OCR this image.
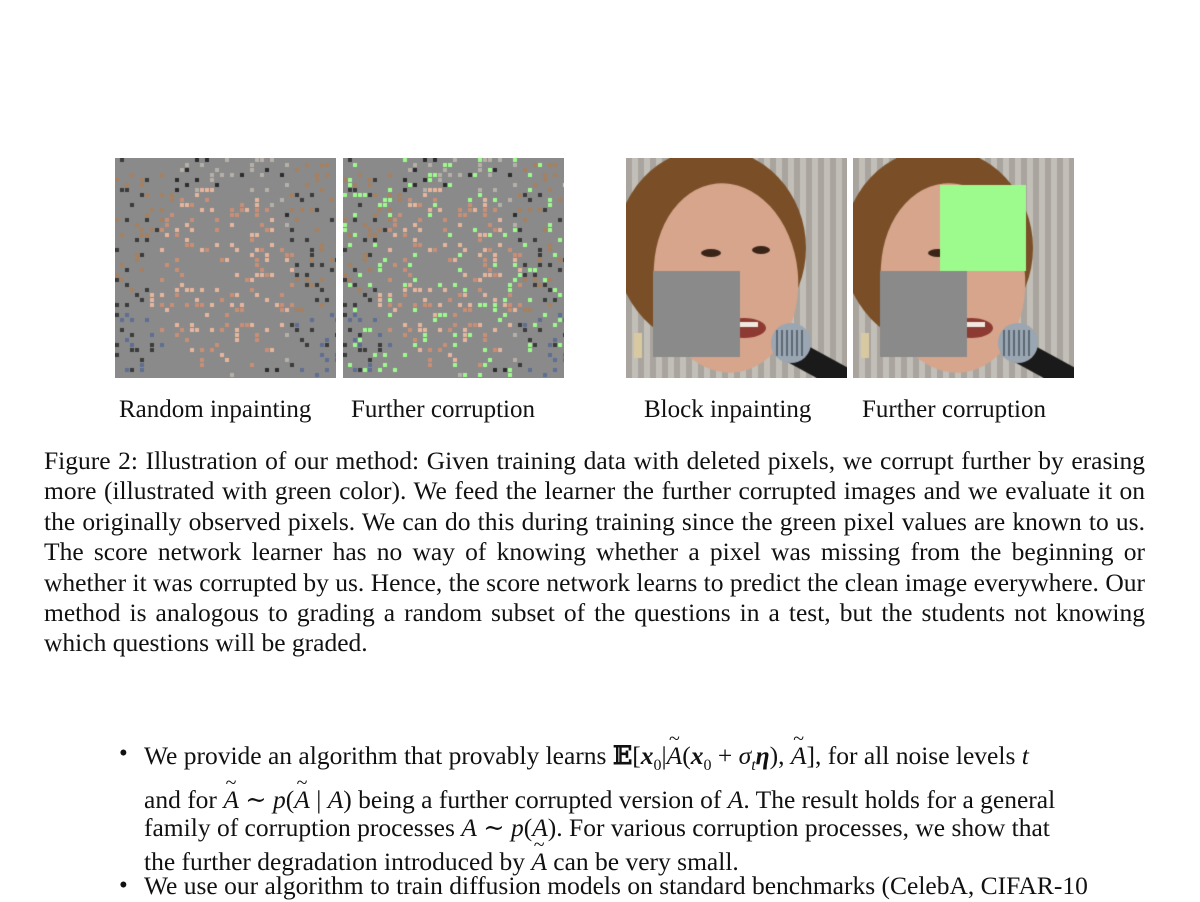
Random inpainting Further corruption	Block inpainting Further corruption
Figure 2: Illustration of our method: Given training data with deleted pixels, we corrupt further by erasing more (illustrated with green color). We feed the learner the further corrupted images and we evaluate it on the originally observed pixels. We can do this during training since the green pixel values are known to us. The score network learner has no way of knowing whether a pixel was missing from the beginning or whether it was corrupted by us. Hence, the score network learns to predict the clean image everywhere. Our method is analogous to grading a random subset of the questions in a test, but the students not knowing which questions will be graded.
• We provide an algorithm that provably learns $𝔼[x_0|\sim$ $A(x_0 + \sigma_t\eta)$, ~ A], for all noise levels t
and for ~ A ∼ p(~ A | A) being a further corrupted version of A. The result holds for a general
family of corruption processes A ∼ p(A). For various corruption processes, we show that
the further degradation introduced by ~ A can be very small.
• We use our algorithm to train diffusion models on standard benchmarks (CelebA, CIFAR-10
